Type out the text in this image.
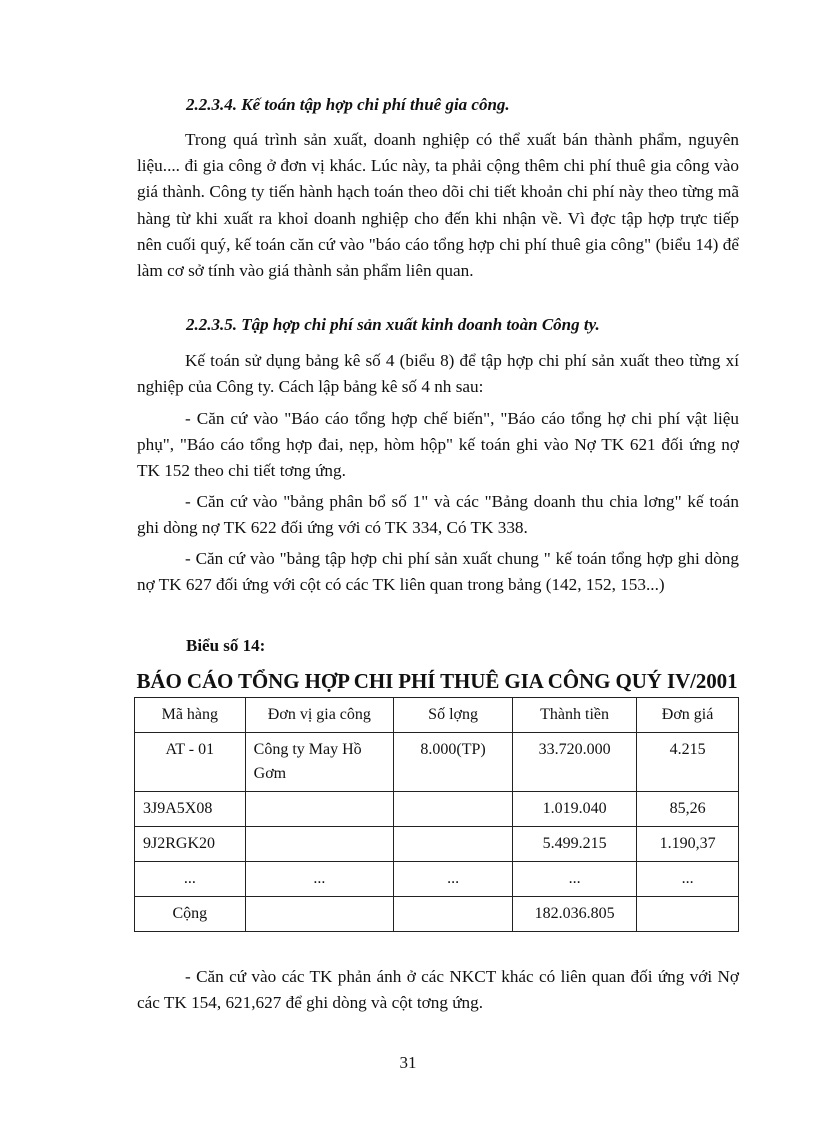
2.2.3.4. Kế toán tập hợp chi phí thuê gia công.

Trong quá trình sản xuất, doanh nghiệp có thể xuất bán thành phẩm, nguyên liệu.... đi gia công ở đơn vị khác. Lúc này, ta phải cộng thêm chi phí thuê gia công vào giá thành. Công ty tiến hành hạch toán theo dõi chi tiết khoản chi phí này theo từng mã hàng từ khi xuất ra khoỉ doanh nghiệp cho đến khi nhận về. Vì đợc tập hợp trực tiếp nên cuối quý, kế toán căn cứ vào "báo cáo tổng hợp chi phí thuê gia công" (biểu 14) để làm cơ sở tính vào giá thành sản phẩm liên quan.

2.2.3.5. Tập hợp chi phí sản xuất kinh doanh toàn Công ty.

Kế toán sử dụng bảng kê số 4 (biểu 8) để tập hợp chi phí sản xuất theo từng xí nghiệp của Công ty. Cách lập bảng kê số 4 nh sau:

- Căn cứ vào "Báo cáo tổng hợp chế biến", "Báo cáo tổng hợ chi phí vật liệu phụ", "Báo cáo tổng hợp đai, nẹp, hòm hộp" kế toán ghi vào Nợ TK 621 đối ứng nợ TK 152 theo chi tiết tơng ứng.

- Căn cứ vào "bảng phân bổ số 1" và các "Bảng doanh thu chia lơng" kế toán ghi dòng nợ TK 622 đối ứng với có TK 334, Có TK 338.

- Căn cứ vào "bảng tập hợp chi phí sản xuất chung " kế toán tổng hợp ghi dòng nợ TK 627 đối ứng với cột có các TK liên quan trong bảng (142, 152, 153...)

Biểu số 14:

BÁO CÁO TỔNG HỢP CHI PHÍ THUÊ GIA CÔNG QUÝ IV/2001

Mã hàng	Đơn vị gia công	Số lợng	Thành tiền	Đơn giá
AT - 01	Công ty May Hồ Gơm	8.000(TP)	33.720.000	4.215
3J9A5X08			1.019.040	85,26
9J2RGK20			5.499.215	1.190,37
...	...	...	...	...
Cộng			182.036.805	

- Căn cứ vào các TK phản ánh ở các NKCT khác có liên quan đối ứng với Nợ các TK 154, 621,627 để ghi dòng và cột tơng ứng.

31
